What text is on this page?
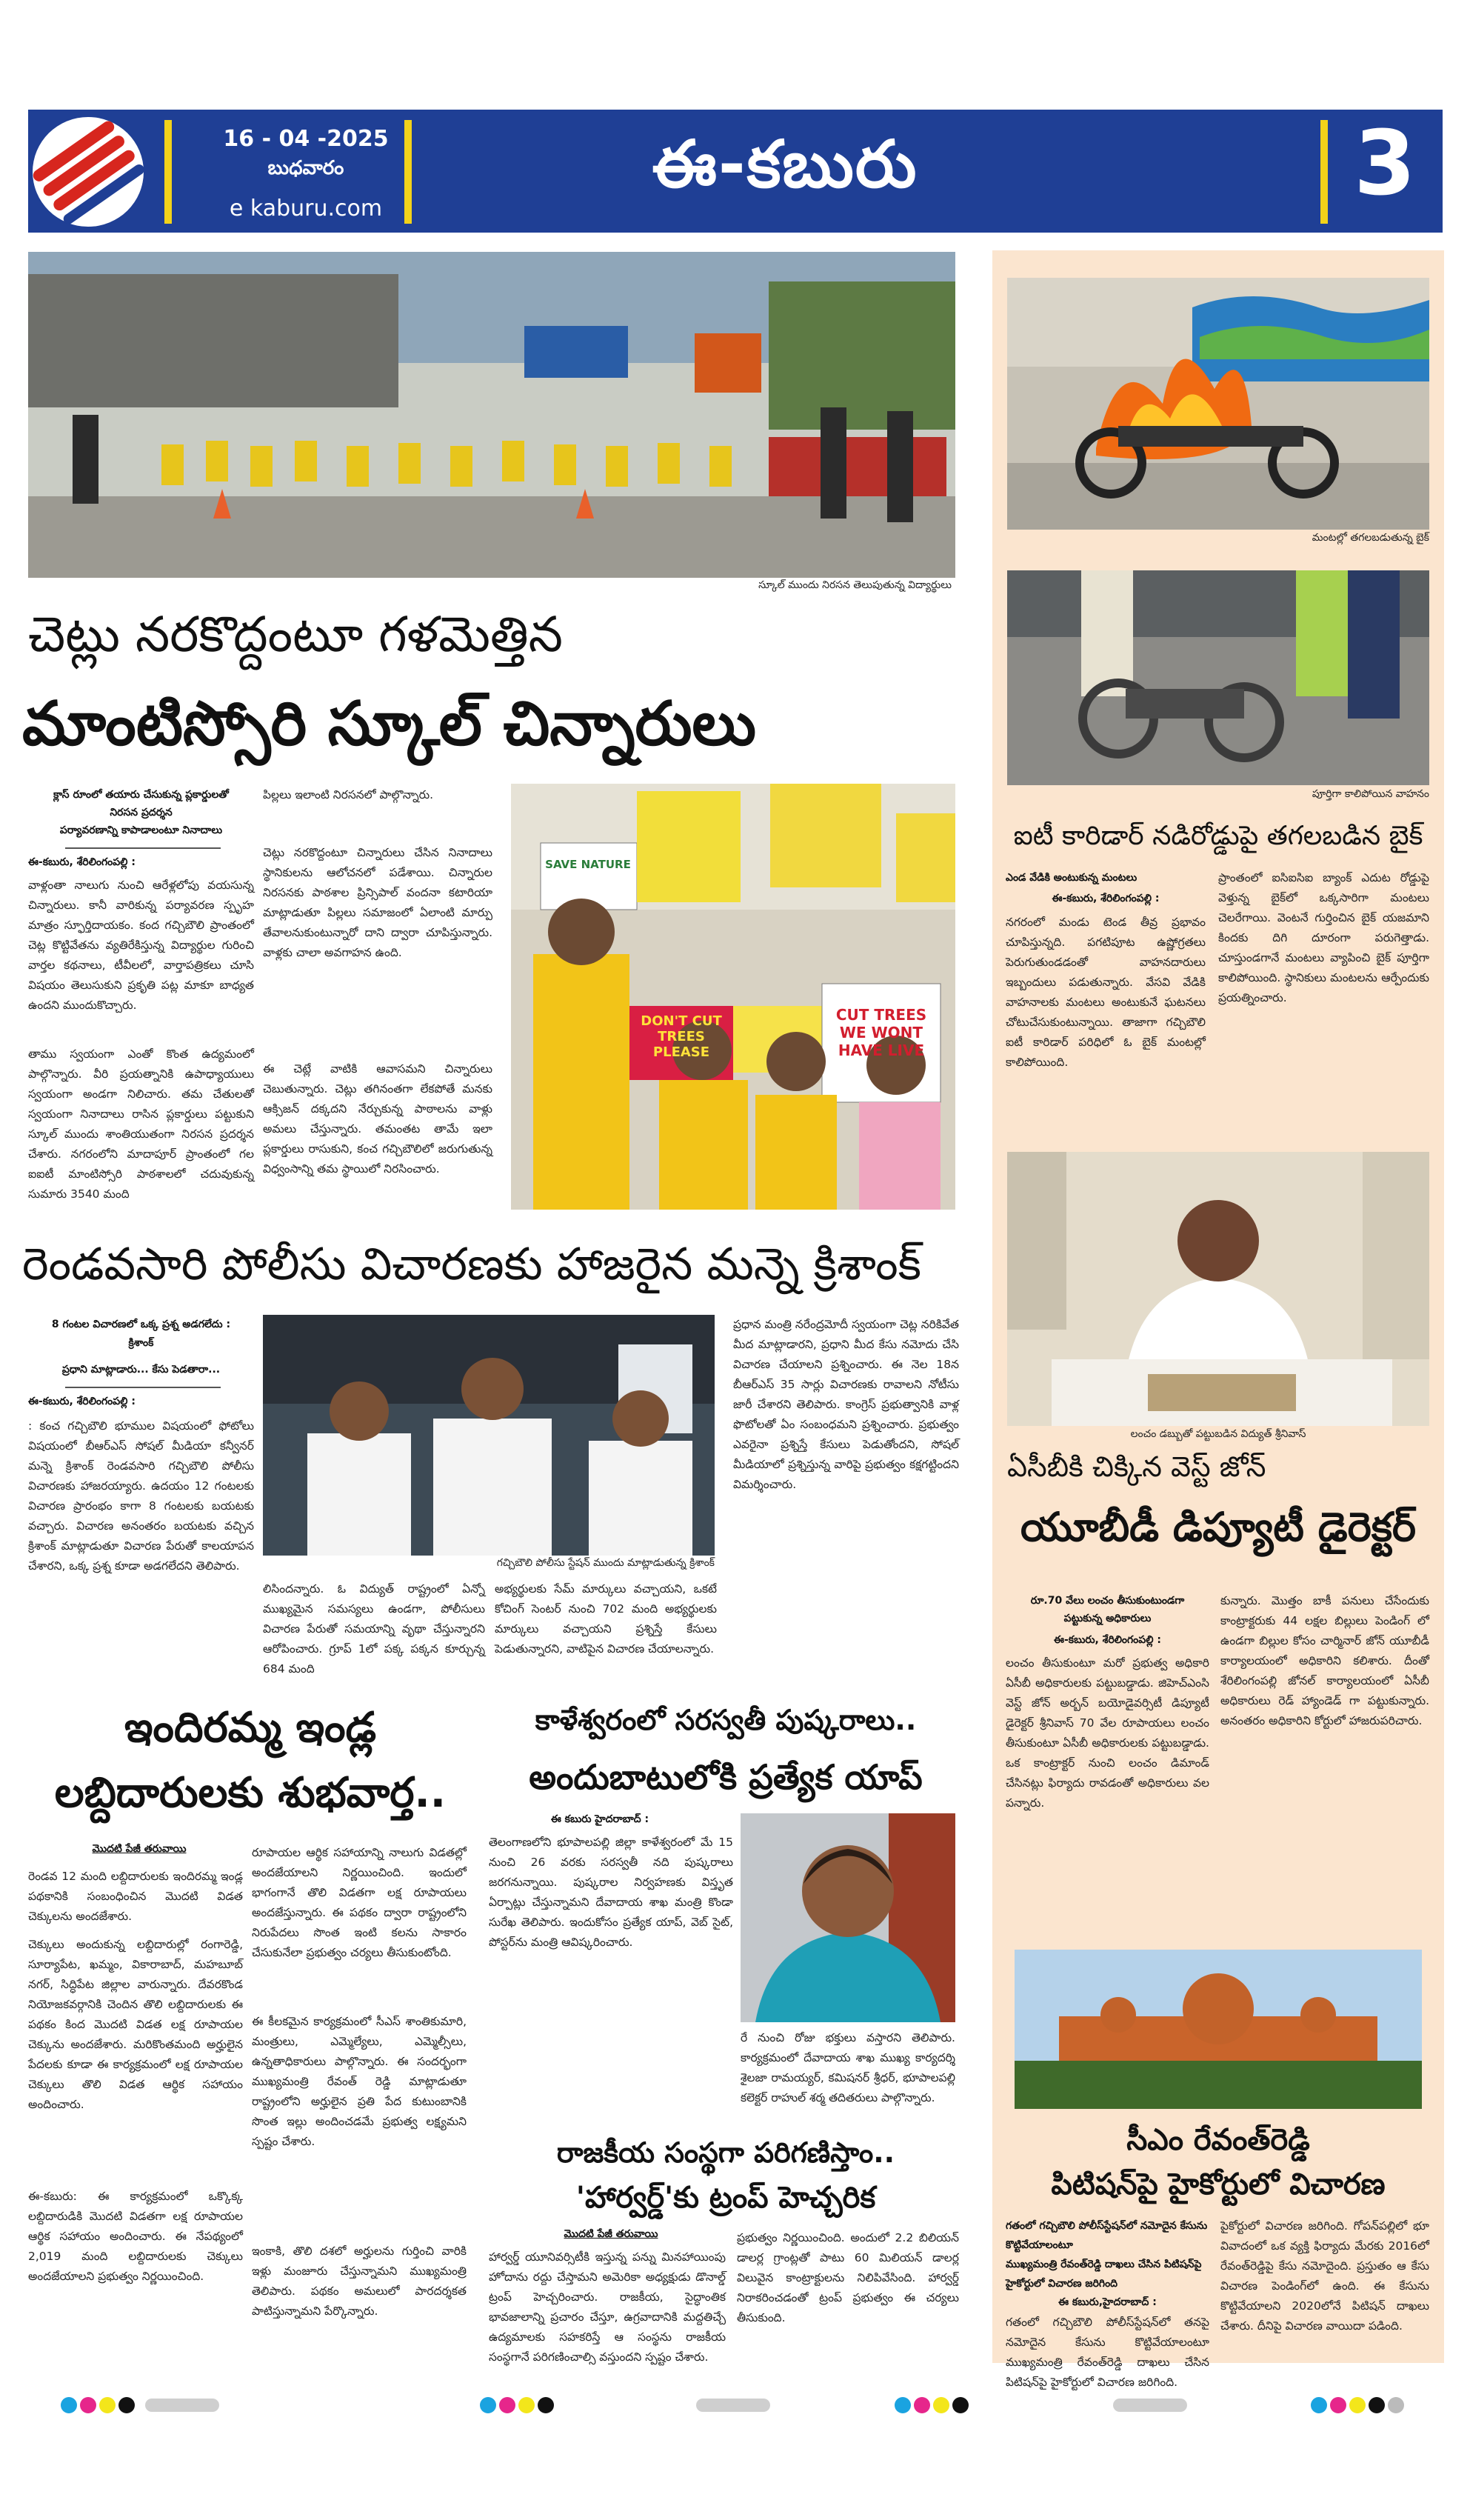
16 - 04 -2025
బుధవారం
e kaburu.com
ఈ-కబురు	3
స్కూల్ ముందు నిరసన తెలుపుతున్న విద్యార్థులు
చెట్లు నరకొద్దంటూ గళమెత్తిన
మాంటిస్సోరి స్కూల్ చిన్నారులు
క్లాస్ రూంలో తయారు చేసుకున్న ప్లకార్డులతో
నిరసన ప్రదర్శన
పర్యావరణాన్ని కాపాడాలంటూ నినాదాలు
ఈ-కబురు, శేరిలింగంపల్లి :
వాళ్లంతా నాలుగు నుంచి ఆరేళ్లలోపు వయసున్న చిన్నారులు. కానీ వారికున్న పర్యావరణ స్పృహ మాత్రం స్ఫూర్తిదాయకం. కంద గచ్చిబౌలి ప్రాంతంలో చెట్ల కొట్టివేతను వ్యతిరేకిస్తున్న విద్యార్థుల గురించి వార్తల కథనాలు, టీవీలలో, వార్తాపత్రికలు చూసి విషయం తెలుసుకుని ప్రకృతి పట్ల మాకూ బాధ్యత ఉందని ముందుకొచ్చారు.
తాము స్వయంగా ఎంతో కొంత ఉద్యమంలో పాల్గొన్నారు. వీరి ప్రయత్నానికి ఉపాధ్యాయులు స్వయంగా అండగా నిలిచారు. తమ చేతులతో స్వయంగా నినాదాలు రాసిన ప్లకార్డులు పట్టుకుని స్కూల్ ముందు శాంతియుతంగా నిరసన ప్రదర్శన చేశారు. నగరంలోని మాదాపూర్ ప్రాంతంలో గల ఐఐటీ మాంటిస్సోరి పాఠశాలలో చదువుకున్న సుమారు 3540 మంది
పిల్లలు ఇలాంటి నిరసనలో పాల్గొన్నారు.
చెట్లు నరకొద్దంటూ చిన్నారులు చేసిన నినాదాలు స్థానికులను ఆలోచనలో పడేశాయి. చిన్నారుల నిరసనకు పాఠశాల ప్రిన్సిపాల్ వందనా కటారియా మాట్లాడుతూ పిల్లలు సమాజంలో ఏలాంటి మార్పు తేవాలనుకుంటున్నారో దాని ద్వారా చూపిస్తున్నారు. వాళ్లకు చాలా అవగాహన ఉంది.
ఈ చెట్లే వాటికి ఆవాసమని చిన్నారులు చెబుతున్నారు. చెట్లు తగినంతగా లేకపోతే మనకు ఆక్సిజన్ దక్కదని నేర్చుకున్న పాఠాలను వాళ్లు అమలు చేస్తున్నారు. తమంతట తామే ఇలా ప్లకార్డులు రాసుకుని, కంచ గచ్చిబౌలిలో జరుగుతున్న విధ్వంసాన్ని తమ స్థాయిలో నిరసించారు.
SAVE NATURE
DON'T CUT TREES PLEASE
CUT TREES WE WONT HAVE LIVE
రెండవసారి పోలీసు విచారణకు హాజరైన మన్నె క్రిశాంక్
8 గంటల విచారణలో ఒక్క ప్రశ్న అడగలేదు :
క్రిశాంక్
ప్రధాని మాట్లాడారు... కేసు పెడతారా...
ఈ-కబురు, శేరిలింగంపల్లి :
: కంచ గచ్చిబౌలి భూముల విషయంలో ఫోటోలు విషయంలో బీఆర్ఎస్ సోషల్ మీడియా కన్వీనర్ మన్నె క్రిశాంక్ రెండవసారి గచ్చిబౌలి పోలీసు విచారణకు హాజరయ్యారు. ఉదయం 12 గంటలకు విచారణ ప్రారంభం కాగా 8 గంటలకు బయటకు వచ్చారు. విచారణ అనంతరం బయటకు వచ్చిన క్రిశాంక్ మాట్లాడుతూ విచారణ పేరుతో కాలయాపన చేశారని, ఒక్క ప్రశ్న కూడా అడగలేదని తెలిపారు.	గచ్చిబౌలి పోలీసు స్టేషన్ ముందు మాట్లాడుతున్న క్రిశాంక్
లిసిందన్నారు. ఓ విద్యుత్ రాష్ట్రంలో ఏన్నో ముఖ్యమైన సమస్యలు ఉండగా, పోలీసులు విచారణ పేరుతో సమయాన్ని వృథా చేస్తున్నారని ఆరోపించారు. గ్రూప్ 1లో పక్క పక్కన కూర్చున్న 684 మంది
అభ్యర్థులకు సేమ్ మార్కులు వచ్చాయని, ఒకటే కోచింగ్ సెంటర్ నుంచి 702 మంది అభ్యర్థులకు మార్కులు వచ్చాయని ప్రశ్నిస్తే కేసులు పెడుతున్నారని, వాటిపైన విచారణ చేయాలన్నారు.
ప్రధాన మంత్రి నరేంద్రమోదీ స్వయంగా చెట్ల నరికివేత మీద మాట్లాడారని, ప్రధాని మీద కేసు నమోదు చేసి విచారణ చేయాలని ప్రశ్నించారు. ఈ నెల 18న బీఆర్ఎస్ 35 సార్లు విచారణకు రావాలని నోటీసు జారీ చేశారని తెలిపారు. కాంగ్రెస్ ప్రభుత్వానికి వాళ్ల ఫొటోలతో ఏం సంబంధమని ప్రశ్నించారు. ప్రభుత్వం ఎవరైనా ప్రశ్నిస్తే కేసులు పెడుతోందని, సోషల్ మీడియాలో ప్రశ్నిస్తున్న వారిపై ప్రభుత్వం కక్షగట్టిందని విమర్శించారు.
ఇందిరమ్మ ఇండ్ల
లబ్దిదారులకు శుభవార్త..
మొదటి పేజీ తరువాయి
రెండవ 12 మంది లబ్దిదారులకు ఇందిరమ్మ ఇండ్ల పథకానికి సంబంధించిన మొదటి విడత చెక్కులను అందజేశారు.
చెక్కులు అందుకున్న లబ్దిదారుల్లో రంగారెడ్డి, సూర్యాపేట, ఖమ్మం, వికారాబాద్, మహబూబ్ నగర్, సిద్ధిపేట జిల్లాల వారున్నారు. దేవరకొండ నియోజకవర్గానికి చెందిన తొలి లబ్దిదారులకు ఈ పథకం కింద మొదటి విడత లక్ష రూపాయల చెక్కును అందజేశారు. మరికొంతమంది అర్హులైన పేదలకు కూడా ఈ కార్యక్రమంలో లక్ష రూపాయల చెక్కులు తొలి విడత ఆర్థిక సహాయం అందించారు.
ఈ-కబురు: ఈ కార్యక్రమంలో ఒక్కొక్క లబ్దిదారుడికి మొదటి విడతగా లక్ష రూపాయల ఆర్థిక సహాయం అందించారు. ఈ నేపథ్యంలో 2,019 మంది లబ్దిదారులకు చెక్కులు అందజేయాలని ప్రభుత్వం నిర్ణయించింది.
రూపాయల ఆర్థిక సహాయాన్ని నాలుగు విడతల్లో అందజేయాలని నిర్ణయించింది. ఇందులో భాగంగానే తొలి విడతగా లక్ష రూపాయలు అందజేస్తున్నారు. ఈ పథకం ద్వారా రాష్ట్రంలోని నిరుపేదలు సొంత ఇంటి కలను సాకారం చేసుకునేలా ప్రభుత్వం చర్యలు తీసుకుంటోంది.
ఈ కీలకమైన కార్యక్రమంలో సీఎస్ శాంతికుమారి, మంత్రులు, ఎమ్మెల్యేలు, ఎమ్మెల్సీలు, ఉన్నతాధికారులు పాల్గొన్నారు. ఈ సందర్భంగా ముఖ్యమంత్రి రేవంత్ రెడ్డి మాట్లాడుతూ రాష్ట్రంలోని అర్హులైన ప్రతి పేద కుటుంబానికి సొంత ఇల్లు అందించడమే ప్రభుత్వ లక్ష్యమని స్పష్టం చేశారు.
ఇంకాకి, తొలి దశలో అర్హులను గుర్తించి వారికి ఇళ్లు మంజూరు చేస్తున్నామని ముఖ్యమంత్రి తెలిపారు. పథకం అమలులో పారదర్శకత పాటిస్తున్నామని పేర్కొన్నారు.
కాళేశ్వరంలో సరస్వతీ పుష్కరాలు..
అందుబాటులోకి ప్రత్యేక యాప్
ఈ కబురు హైదరాబాద్ :
తెలంగాణలోని భూపాలపల్లి జిల్లా కాళేశ్వరంలో మే 15 నుంచి 26 వరకు సరస్వతీ నది పుష్కరాలు జరగనున్నాయి. పుష్కరాల నిర్వహణకు విస్తృత ఏర్పాట్లు చేస్తున్నామని దేవాదాయ శాఖ మంత్రి కొండా సురేఖ తెలిపారు. ఇందుకోసం ప్రత్యేక యాప్, వెబ్ సైట్, పోస్టర్‌ను మంత్రి ఆవిష్కరించారు.
రే నుంచి రోజు భక్తులు వస్తారని తెలిపారు. కార్యక్రమంలో దేవాదాయ శాఖ ముఖ్య కార్యదర్శి శైలజా రామయ్యర్, కమిషనర్ శ్రీధర్, భూపాలపల్లి కలెక్టర్ రాహుల్ శర్మ తదితరులు పాల్గొన్నారు.
రాజకీయ సంస్థగా పరిగణిస్తాం..
'హార్వర్డ్'కు ట్రంప్ హెచ్చరిక
మొదటి పేజీ తరువాయి
హార్వర్డ్ యూనివర్సిటీకి ఇస్తున్న పన్ను మినహాయింపు హోదాను రద్దు చేస్తామని అమెరికా అధ్యక్షుడు డొనాల్డ్ ట్రంప్ హెచ్చరించారు. రాజకీయ, సైద్ధాంతిక భావజాలాన్ని ప్రచారం చేస్తూ, ఉగ్రవాదానికి మద్దతిచ్చే ఉద్యమాలకు సహకరిస్తే ఆ సంస్థను రాజకీయ సంస్థగానే పరిగణించాల్సి వస్తుందని స్పష్టం చేశారు.
ప్రభుత్వం నిర్ణయించింది. అందులో 2.2 బిలియన్ డాలర్ల గ్రాంట్లతో పాటు 60 మిలియన్ డాలర్ల విలువైన కాంట్రాక్టులను నిలిపివేసింది. హార్వర్డ్ నిరాకరించడంతో ట్రంప్ ప్రభుత్వం ఈ చర్యలు తీసుకుంది.
మంటల్లో తగలబడుతున్న బైక్
పూర్తిగా కాలిపోయిన వాహనం
ఐటీ కారిడార్ నడిరోడ్డుపై తగలబడిన బైక్
ఎండ వేడికి అంటుకున్న మంటలు
ఈ-కబురు, శేరిలింగంపల్లి :
నగరంలో మండు టెండ తీవ్ర ప్రభావం చూపిస్తున్నది. పగటిపూట ఉష్ణోగ్రతలు పెరుగుతుండడంతో వాహనదారులు ఇబ్బందులు పడుతున్నారు. వేసవి వేడికి వాహనాలకు మంటలు అంటుకునే ఘటనలు చోటుచేసుకుంటున్నాయి. తాజాగా గచ్చిబౌలి ఐటీ కారిడార్ పరిధిలో ఓ బైక్ మంటల్లో కాలిపోయింది.
ప్రాంతంలో ఐసిఐసిఐ బ్యాంక్ ఎదుట రోడ్డుపై వెళ్తున్న బైక్‌లో ఒక్కసారిగా మంటలు చెలరేగాయి. వెంటనే గుర్తించిన బైక్ యజమాని కిందకు దిగి దూరంగా పరుగెత్తాడు. చూస్తుండగానే మంటలు వ్యాపించి బైక్ పూర్తిగా కాలిపోయింది. స్థానికులు మంటలను ఆర్పేందుకు ప్రయత్నించారు.
లంచం డబ్బుతో పట్టుబడిన విద్యుత్ శ్రీనివాస్
ఏసీబీకి చిక్కిన వెస్ట్ జోన్
యూబీడీ డిప్యూటీ డైరెక్టర్
రూ.70 వేలు లంచం తీసుకుంటుండగా
పట్టుకున్న అధికారులు
ఈ-కబురు, శేరిలింగంపల్లి :
లంచం తీసుకుంటూ మరో ప్రభుత్వ అధికారి ఏసీబీ అధికారులకు పట్టుబడ్డాడు. జిహెచ్ఎంసి వెస్ట్ జోన్ అర్బన్ బయోడైవర్సిటీ డిప్యూటీ డైరెక్టర్ శ్రీనివాస్ 70 వేల రూపాయలు లంచం తీసుకుంటూ ఏసీబీ అధికారులకు పట్టుబడ్డాడు. ఒక కాంట్రాక్టర్ నుంచి లంచం డిమాండ్ చేసినట్లు ఫిర్యాదు రావడంతో అధికారులు వల పన్నారు.
కున్నారు. మొత్తం బాకీ పనులు చేసేందుకు కాంట్రాక్టరుకు 44 లక్షల బిల్లులు పెండింగ్ లో ఉండగా బిల్లుల కోసం చార్మినార్ జోన్ యూబీడీ కార్యాలయంలో అధికారిని కలిశారు. దీంతో శేరిలింగంపల్లి జోనల్ కార్యాలయంలో ఏసీబీ అధికారులు రెడ్ హ్యాండెడ్ గా పట్టుకున్నారు. అనంతరం అధికారిని కోర్టులో హాజరుపరిచారు.
సీఎం రేవంత్‌రెడ్డి
పిటిషన్‌పై హైకోర్టులో విచారణ
గతంలో గచ్చిబౌలి పోలీస్‌స్టేషన్‌లో నమోదైన కేసును కొట్టివేయాలంటూ
ముఖ్యమంత్రి రేవంత్‌రెడ్డి దాఖలు చేసిన పిటిషన్‌పై హైకోర్టులో విచారణ జరిగింది
ఈ కబురు,హైదరాబాద్ :
గతంలో గచ్చిబౌలి పోలీస్‌స్టేషన్‌లో తనపై నమోదైన కేసును కొట్టివేయాలంటూ ముఖ్యమంత్రి రేవంత్‌రెడ్డి దాఖలు చేసిన పిటిషన్‌పై హైకోర్టులో విచారణ జరిగింది.
పైకోర్టులో విచారణ జరిగింది. గోపన్‌పల్లిలో భూ వివాదంలో ఒక వ్యక్తి ఫిర్యాదు మేరకు 2016లో రేవంత్‌రెడ్డిపై కేసు నమోదైంది. ప్రస్తుతం ఆ కేసు విచారణ పెండింగ్‌లో ఉంది. ఈ కేసును కొట్టివేయాలని 2020లోనే పిటిషన్ దాఖలు చేశారు. దీనిపై విచారణ వాయిదా పడింది.
